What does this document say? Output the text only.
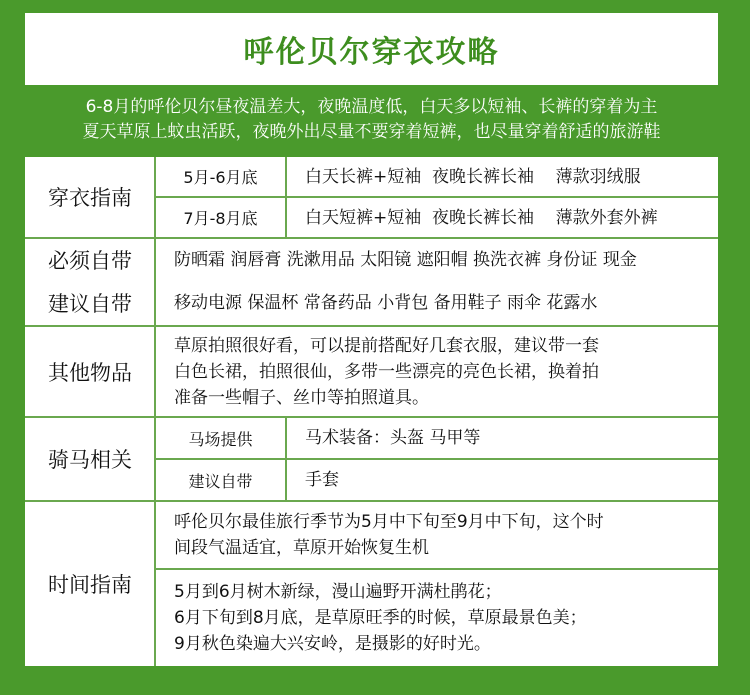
呼伦贝尔穿衣攻略
6-8月的呼伦贝尔昼夜温差大，夜晚温度低，白天多以短袖、长裤的穿着为主
夏天草原上蚊虫活跃，夜晚外出尽量不要穿着短裤，也尽量穿着舒适的旅游鞋
穿衣指南
5月-6月底	白天长裤+短袖  夜晚长裤长袖    薄款羽绒服
7月-8月底	白天短裤+短袖  夜晚长裤长袖    薄款外套外裤
必须自带	防晒霜 润唇膏 洗漱用品 太阳镜 遮阳帽 换洗衣裤 身份证 现金
建议自带	移动电源 保温杯 常备药品 小背包 备用鞋子 雨伞 花露水
其他物品
草原拍照很好看，可以提前搭配好几套衣服，建议带一套
白色长裙，拍照很仙，多带一些漂亮的亮色长裙，换着拍
准备一些帽子、丝巾等拍照道具。
骑马相关
马场提供	马术装备：头盔 马甲等
建议自带	手套
时间指南
呼伦贝尔最佳旅行季节为5月中下旬至9月中下旬，这个时
间段气温适宜，草原开始恢复生机
5月到6月树木新绿，漫山遍野开满杜鹃花；
6月下旬到8月底，是草原旺季的时候，草原最景色美；
9月秋色染遍大兴安岭，是摄影的好时光。
